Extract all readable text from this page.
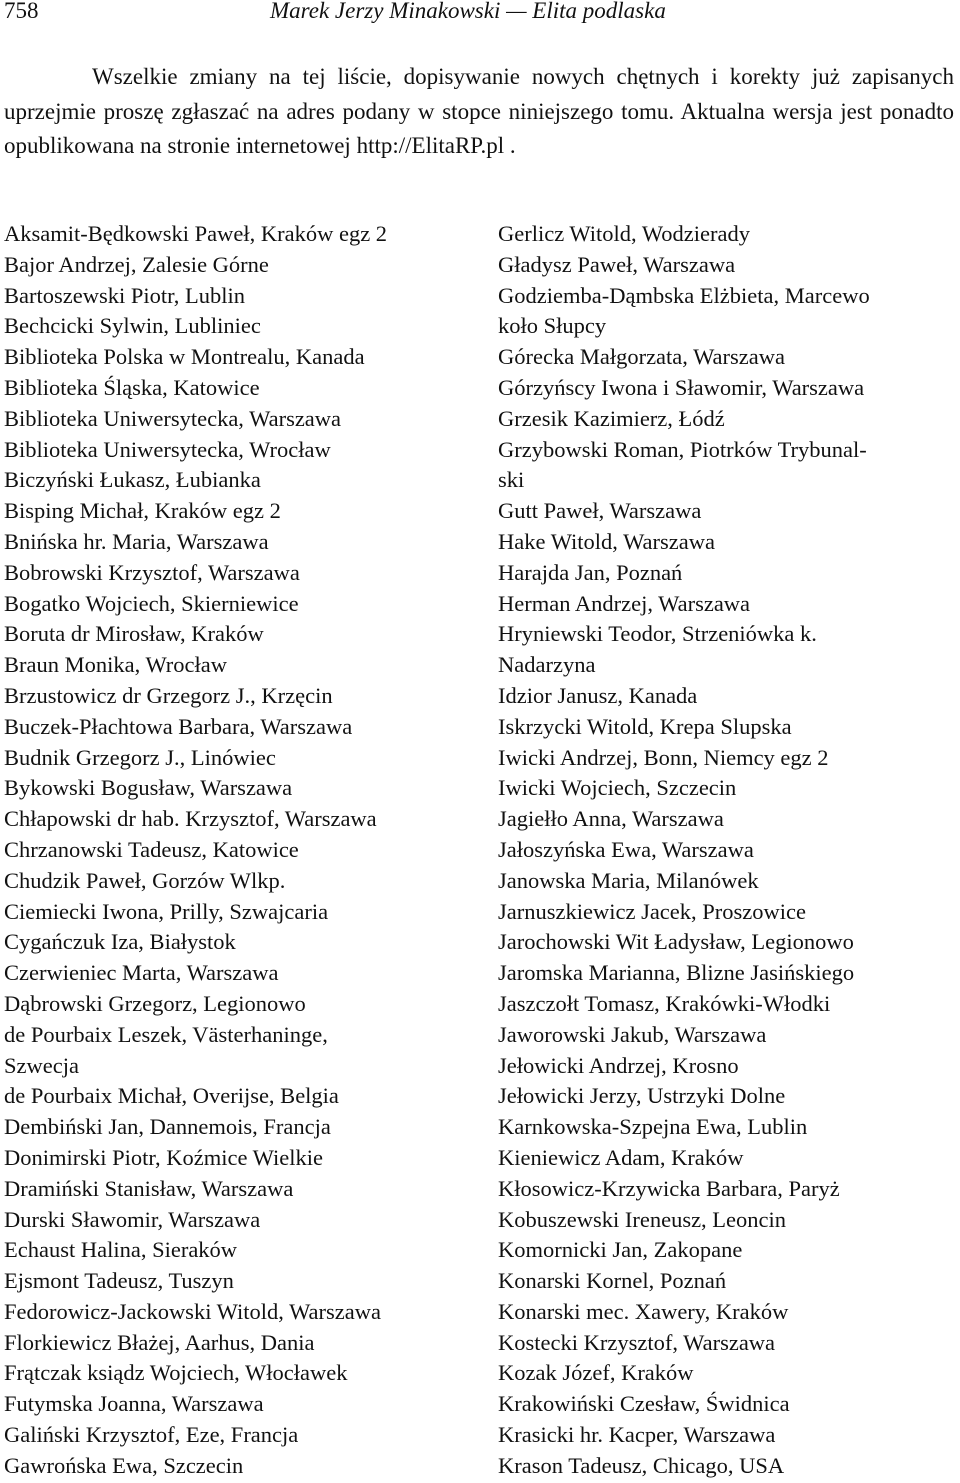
758	Marek Jerzy Minakowski — Elita podlaska

Wszelkie zmiany na tej liście, dopisywanie nowych chętnych i korekty już zapisanych uprzejmie proszę zgłaszać na adres podany w stopce niniejszego tomu. Aktualna wersja jest ponadto opublikowana na stronie internetowej http://ElitaRP.pl .

Aksamit-Będkowski Paweł, Kraków egz 2
Bajor Andrzej, Zalesie Górne
Bartoszewski Piotr, Lublin
Bechcicki Sylwin, Lubliniec
Biblioteka Polska w Montrealu, Kanada
Biblioteka Śląska, Katowice
Biblioteka Uniwersytecka, Warszawa
Biblioteka Uniwersytecka, Wrocław
Biczyński Łukasz, Łubianka
Bisping Michał, Kraków egz 2
Bnińska hr. Maria, Warszawa
Bobrowski Krzysztof, Warszawa
Bogatko Wojciech, Skierniewice
Boruta dr Mirosław, Kraków
Braun Monika, Wrocław
Brzustowicz dr Grzegorz J., Krzęcin
Buczek-Płachtowa Barbara, Warszawa
Budnik Grzegorz J., Linówiec
Bykowski Bogusław, Warszawa
Chłapowski dr hab. Krzysztof, Warszawa
Chrzanowski Tadeusz, Katowice
Chudzik Paweł, Gorzów Wlkp.
Ciemiecki Iwona, Prilly, Szwajcaria
Cygańczuk Iza, Białystok
Czerwieniec Marta, Warszawa
Dąbrowski Grzegorz, Legionowo
de Pourbaix Leszek, Västerhaninge,
Szwecja
de Pourbaix Michał, Overijse, Belgia
Dembiński Jan, Dannemois, Francja
Donimirski Piotr, Koźmice Wielkie
Dramiński Stanisław, Warszawa
Durski Sławomir, Warszawa
Echaust Halina, Sieraków
Ejsmont Tadeusz, Tuszyn
Fedorowicz-Jackowski Witold, Warszawa
Florkiewicz Błażej, Aarhus, Dania
Frątczak ksiądz Wojciech, Włocławek
Futymska Joanna, Warszawa
Galiński Krzysztof, Eze, Francja
Gawrońska Ewa, Szczecin
Gerlicz Witold, Wodzierady
Gładysz Paweł, Warszawa
Godziemba-Dąmbska Elżbieta, Marcewo
koło Słupcy
Górecka Małgorzata, Warszawa
Górzyńscy Iwona i Sławomir, Warszawa
Grzesik Kazimierz, Łódź
Grzybowski Roman, Piotrków Trybunal-
ski
Gutt Paweł, Warszawa
Hake Witold, Warszawa
Harajda Jan, Poznań
Herman Andrzej, Warszawa
Hryniewski Teodor, Strzeniówka k.
Nadarzyna
Idzior Janusz, Kanada
Iskrzycki Witold, Krepa Slupska
Iwicki Andrzej, Bonn, Niemcy egz 2
Iwicki Wojciech, Szczecin
Jagiełło Anna, Warszawa
Jałoszyńska Ewa, Warszawa
Janowska Maria, Milanówek
Jarnuszkiewicz Jacek, Proszowice
Jarochowski Wit Ładysław, Legionowo
Jaromska Marianna, Blizne Jasińskiego
Jaszczołt Tomasz, Krakówki-Włodki
Jaworowski Jakub, Warszawa
Jełowicki Andrzej, Krosno
Jełowicki Jerzy, Ustrzyki Dolne
Karnkowska-Szpejna Ewa, Lublin
Kieniewicz Adam, Kraków
Kłosowicz-Krzywicka Barbara, Paryż
Kobuszewski Ireneusz, Leoncin
Komornicki Jan, Zakopane
Konarski Kornel, Poznań
Konarski mec. Xawery, Kraków
Kostecki Krzysztof, Warszawa
Kozak Józef, Kraków
Krakowiński Czesław, Świdnica
Krasicki hr. Kacper, Warszawa
Krason Tadeusz, Chicago, USA
